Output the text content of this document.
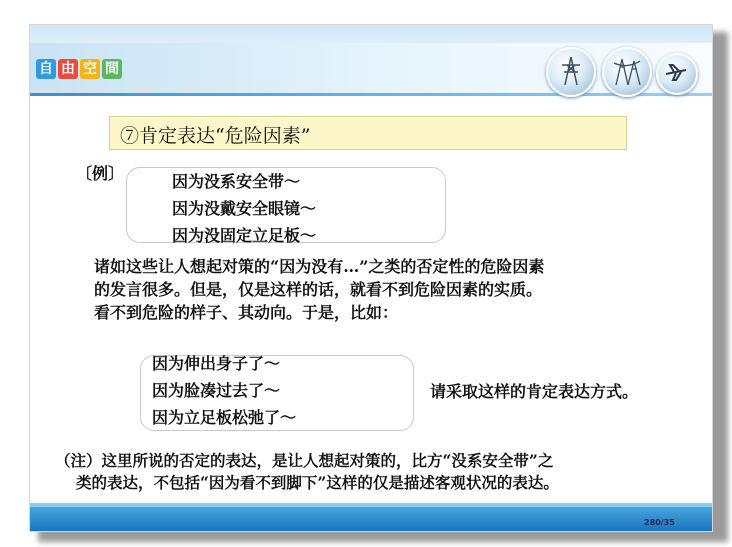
自 由 空 間
⑦肯定表达“危险因素”
〔例〕	因为没系安全带～
因为没戴安全眼镜～
因为没固定立足板～
诸如这些让人想起对策的“因为没有…”之类的否定性的危险因素
的发言很多。但是，仅是这样的话，就看不到危险因素的实质。
看不到危险的样子、其动向。于是，比如：
因为伸出身子了～
因为脸凑过去了～
因为立足板松弛了～
请采取这样的肯定表达方式。
（注）这里所说的否定的表达，是让人想起对策的，比方“没系安全带”之
类的表达，不包括“因为看不到脚下”这样的仅是描述客观状况的表达。
280/35
